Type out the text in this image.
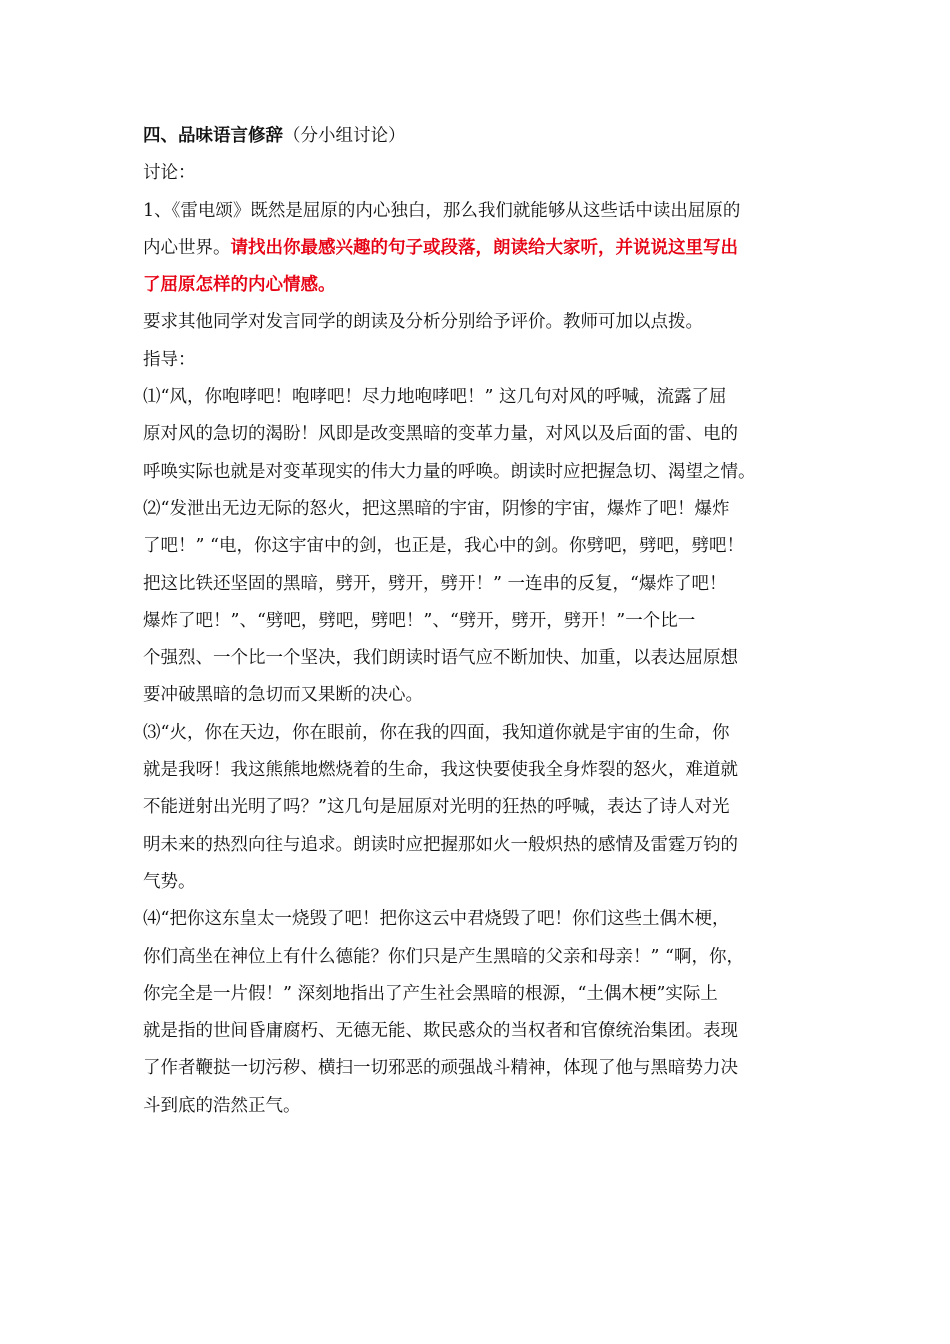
四、品味语言修辞（分小组讨论）
讨论：
1、《雷电颂》既然是屈原的内心独白，那么我们就能够从这些话中读出屈原的
内心世界。请找出你最感兴趣的句子或段落，朗读给大家听，并说说这里写出
了屈原怎样的内心情感。
要求其他同学对发言同学的朗读及分析分别给予评价。教师可加以点拨。
指导：
⑴“风，你咆哮吧！咆哮吧！尽力地咆哮吧！” 这几句对风的呼喊，流露了屈
原对风的急切的渴盼！风即是改变黑暗的变革力量，对风以及后面的雷、电的
呼唤实际也就是对变革现实的伟大力量的呼唤。朗读时应把握急切、渴望之情。
⑵“发泄出无边无际的怒火，把这黑暗的宇宙，阴惨的宇宙，爆炸了吧！爆炸
了吧！” “电，你这宇宙中的剑，也正是，我心中的剑。你劈吧，劈吧，劈吧！
把这比铁还坚固的黑暗，劈开，劈开，劈开！” 一连串的反复，“爆炸了吧！
爆炸了吧！”、“劈吧，劈吧，劈吧！”、“劈开，劈开，劈开！”一个比一
个强烈、一个比一个坚决，我们朗读时语气应不断加快、加重，以表达屈原想
要冲破黑暗的急切而又果断的决心。
⑶“火，你在天边，你在眼前，你在我的四面，我知道你就是宇宙的生命，你
就是我呀！我这熊熊地燃烧着的生命，我这快要使我全身炸裂的怒火，难道就
不能迸射出光明了吗？”这几句是屈原对光明的狂热的呼喊，表达了诗人对光
明未来的热烈向往与追求。朗读时应把握那如火一般炽热的感情及雷霆万钧的
气势。
⑷“把你这东皇太一烧毁了吧！把你这云中君烧毁了吧！你们这些土偶木梗，
你们高坐在神位上有什么德能？你们只是产生黑暗的父亲和母亲！” “啊，你，
你完全是一片假！” 深刻地指出了产生社会黑暗的根源，“土偶木梗”实际上
就是指的世间昏庸腐朽、无德无能、欺民惑众的当权者和官僚统治集团。表现
了作者鞭挞一切污秽、横扫一切邪恶的顽强战斗精神，体现了他与黑暗势力决
斗到底的浩然正气。
